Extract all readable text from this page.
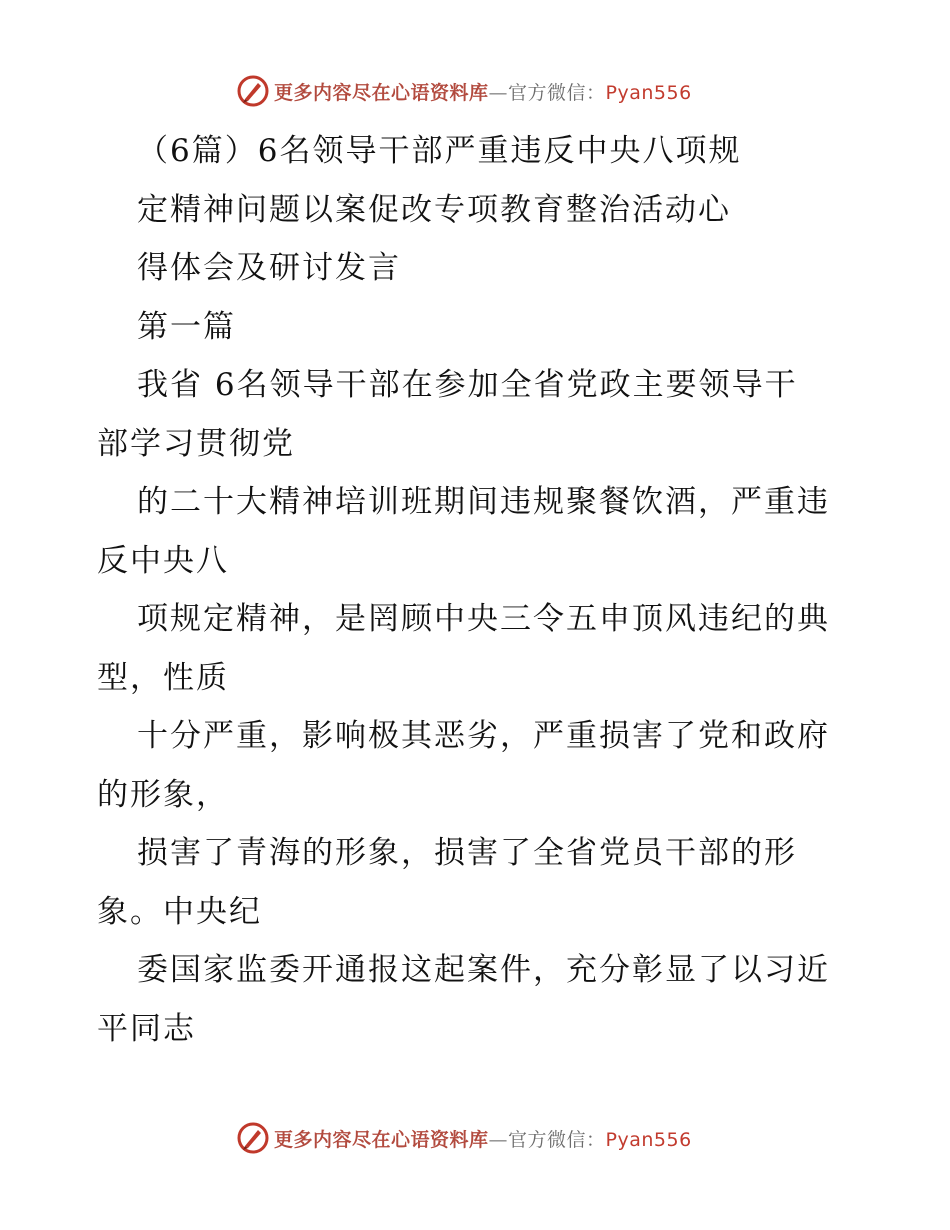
更多内容尽在心语资料库—官方微信：Pyan556
（6篇）6名领导干部严重违反中央八项规
定精神问题以案促改专项教育整治活动心
得体会及研讨发言
第一篇
我省 6名领导干部在参加全省党政主要领导干
部学习贯彻党
的二十大精神培训班期间违规聚餐饮酒，严重违
反中央八
项规定精神，是罔顾中央三令五申顶风违纪的典
型，性质
十分严重，影响极其恶劣，严重损害了党和政府
的形象，
损害了青海的形象，损害了全省党员干部的形
象。中央纪
委国家监委开通报这起案件，充分彰显了以习近
平同志
更多内容尽在心语资料库—官方微信：Pyan556
